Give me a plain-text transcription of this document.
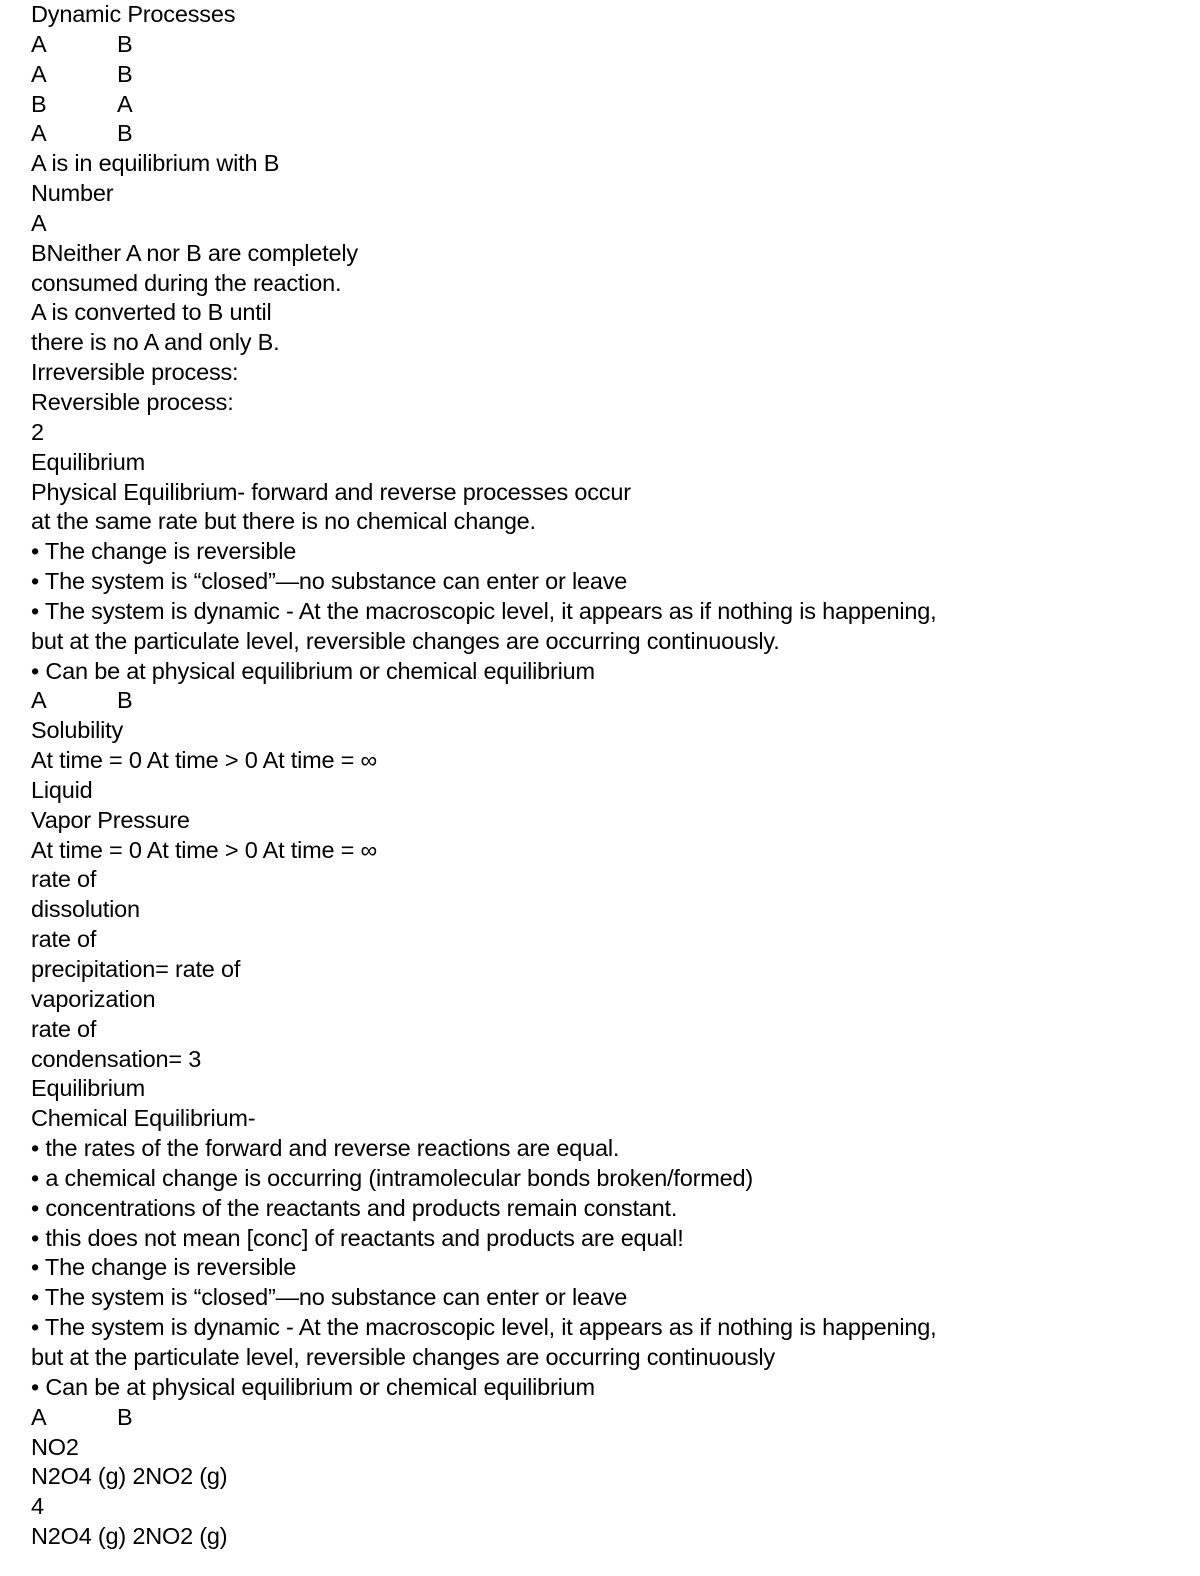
Dynamic Processes
A	B
A	B
B	A
A	B
A is in equilibrium with B
Number
A
BNeither A nor B are completely
consumed during the reaction.
A is converted to B until
there is no A and only B.
Irreversible process:
Reversible process:
2
Equilibrium
Physical Equilibrium- forward and reverse processes occur
at the same rate but there is no chemical change.
• The change is reversible
• The system is “closed”—no substance can enter or leave
• The system is dynamic - At the macroscopic level, it appears as if nothing is happening,
but at the particulate level, reversible changes are occurring continuously.
• Can be at physical equilibrium or chemical equilibrium
A	B
Solubility
At time = 0 At time > 0 At time = ∞
Liquid
Vapor Pressure
At time = 0 At time > 0 At time = ∞
rate of
dissolution
rate of
precipitation= rate of
vaporization
rate of
condensation= 3
Equilibrium
Chemical Equilibrium-
• the rates of the forward and reverse reactions are equal.
• a chemical change is occurring (intramolecular bonds broken/formed)
• concentrations of the reactants and products remain constant.
• this does not mean [conc] of reactants and products are equal!
• The change is reversible
• The system is “closed”—no substance can enter or leave
• The system is dynamic - At the macroscopic level, it appears as if nothing is happening,
but at the particulate level, reversible changes are occurring continuously
• Can be at physical equilibrium or chemical equilibrium
A	B
NO2
N2O4 (g) 2NO2 (g)
4
N2O4 (g) 2NO2 (g)
